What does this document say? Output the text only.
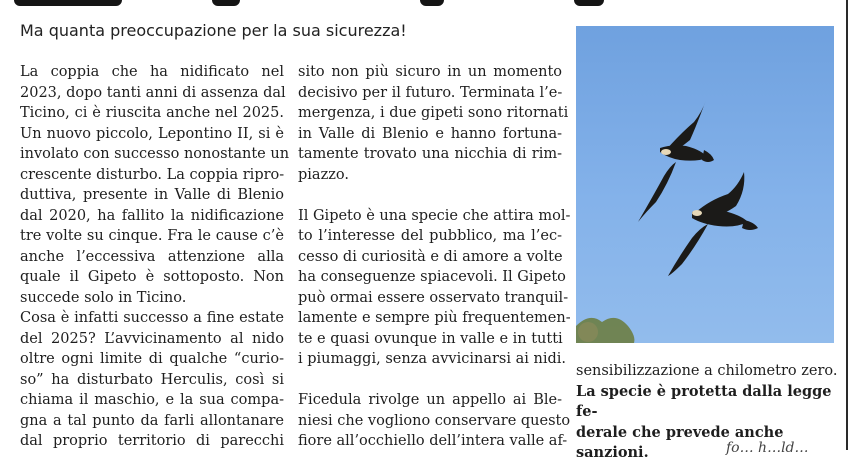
Ma quanta preoccupazione per la sua sicurezza!
La coppia che ha nidificato nel
2023, dopo tanti anni di assenza dal
Ticino, ci è riuscita anche nel 2025.
Un nuovo piccolo, Lepontino II, si è
involato con successo nonostante un
crescente disturbo. La coppia ripro-
duttiva, presente in Valle di Blenio
dal 2020, ha fallito la nidificazione
tre volte su cinque. Fra le cause c’è
anche l’eccessiva attenzione alla
quale il Gipeto è sottoposto. Non
succede solo in Ticino.
Cosa è infatti successo a fine estate
del 2025? L’avvicinamento al nido
oltre ogni limite di qualche “curio-
so” ha disturbato Herculis, così si
chiama il maschio, e la sua compa-
gna a tal punto da farli allontanare
dal proprio territorio di parecchi
sito non più sicuro in un momento
decisivo per il futuro. Terminata l’e-
mergenza, i due gipeti sono ritornati
in Valle di Blenio e hanno fortuna-
tamente trovato una nicchia di rim-
piazzo.
Il Gipeto è una specie che attira mol-
to l’interesse del pubblico, ma l’ec-
cesso di curiosità e di amore a volte
ha conseguenze spiacevoli. Il Gipeto
può ormai essere osservato tranquil-
lamente e sempre più frequentemen-
te e quasi ovunque in valle e in tutti
i piumaggi, senza avvicinarsi ai nidi.
Ficedula rivolge un appello ai Ble-
niesi che vogliono conservare questo
fiore all’occhiello dell’intera valle af-
sensibilizzazione a chilometro zero.
La specie è protetta dalla legge fe-
derale che prevede anche sanzioni.	fo… h…ld…
